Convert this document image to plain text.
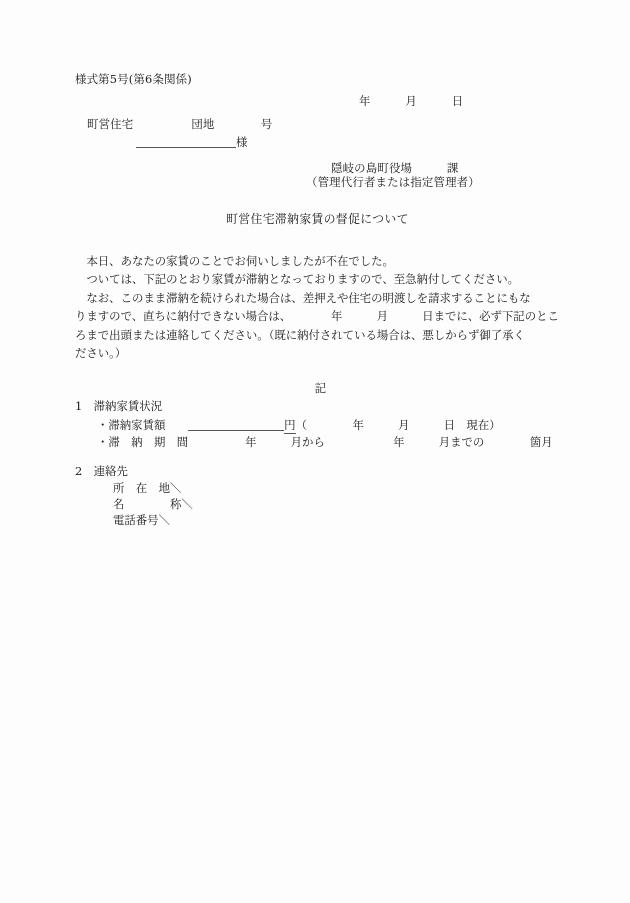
様式第5号(第6条関係)
年　　　月　　　日
町営住宅　　　　　団地　　　　号
様
隠岐の島町役場　　　課
（管理代行者または指定管理者）
町営住宅滞納家賃の督促について
　本日、あなたの家賃のことでお伺いしましたが不在でした。
　ついては、下記のとおり家賃が滞納となっておりますので、至急納付してください。
　なお、このまま滞納を続けられた場合は、差押えや住宅の明渡しを請求することにもな
りますので、直ちに納付できない場合は、　　　　年　　　月　　　日までに、必ず下記のとこ
ろまで出頭または連絡してください。（既に納付されている場合は、悪しからず御了承く
ださい。）
記
1　 滞納家賃状況
・滞納家賃額　　	円（　　　　年　　　月　　　日　現在）
・滞　納　期　間　　　　　年　　　月から　　　　　　年　　　月までの　　　　箇月
2　 連絡先
所　在　地＼
名　　　　称＼
電話番号＼
